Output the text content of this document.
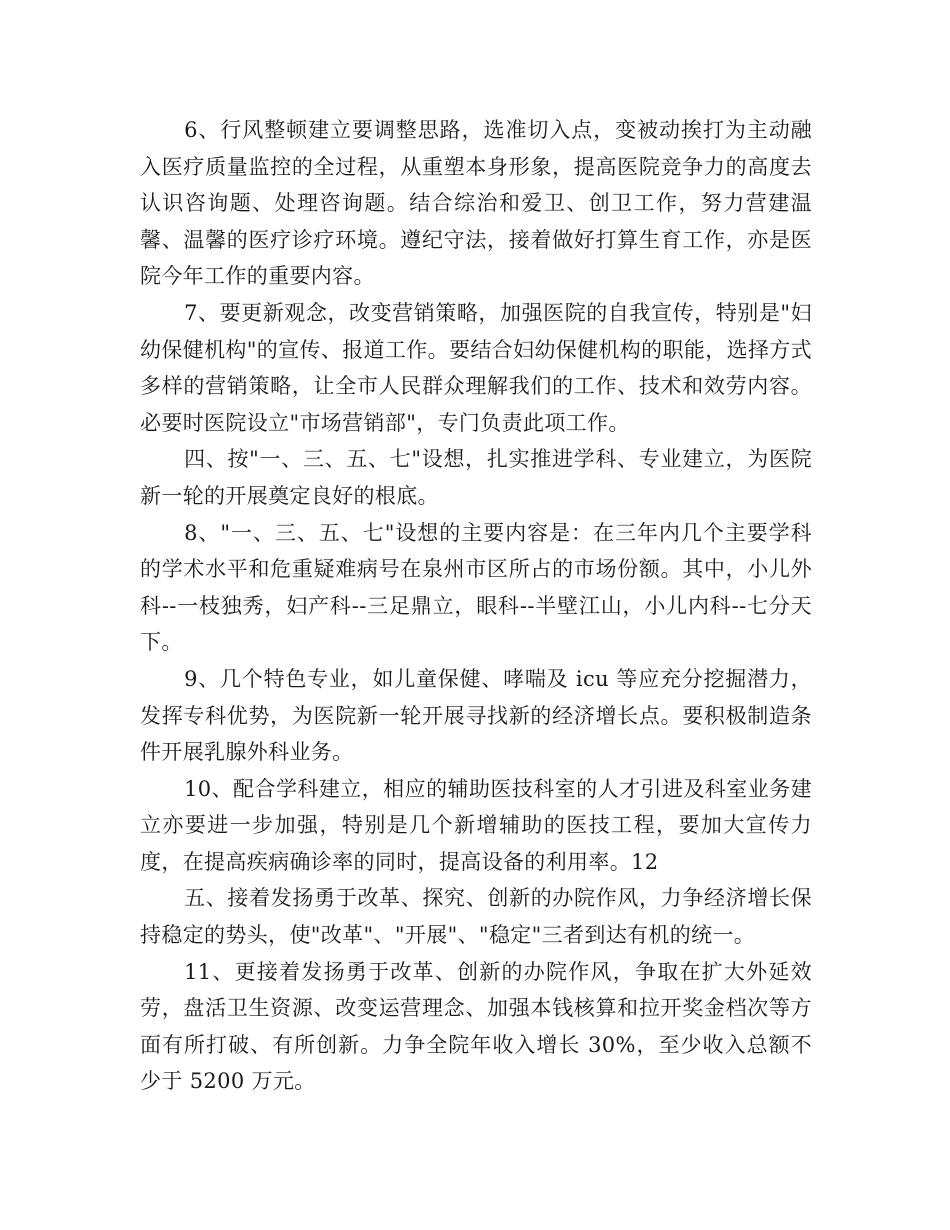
6、行风整顿建立要调整思路，选准切入点，变被动挨打为主动融入医疗质量监控的全过程，从重塑本身形象，提高医院竞争力的高度去认识咨询题、处理咨询题。结合综治和爱卫、创卫工作，努力营建温馨、温馨的医疗诊疗环境。遵纪守法，接着做好打算生育工作，亦是医院今年工作的重要内容。

7、要更新观念，改变营销策略，加强医院的自我宣传，特别是"妇幼保健机构"的宣传、报道工作。要结合妇幼保健机构的职能，选择方式多样的营销策略，让全市人民群众理解我们的工作、技术和效劳内容。必要时医院设立"市场营销部"，专门负责此项工作。

四、按"一、三、五、七"设想，扎实推进学科、专业建立，为医院新一轮的开展奠定良好的根底。

8、"一、三、五、七"设想的主要内容是：在三年内几个主要学科的学术水平和危重疑难病号在泉州市区所占的市场份额。其中，小儿外科--一枝独秀，妇产科--三足鼎立，眼科--半壁江山，小儿内科--七分天下。

9、几个特色专业，如儿童保健、哮喘及 icu 等应充分挖掘潜力，发挥专科优势，为医院新一轮开展寻找新的经济增长点。要积极制造条件开展乳腺外科业务。

10、配合学科建立，相应的辅助医技科室的人才引进及科室业务建立亦要进一步加强，特别是几个新增辅助的医技工程，要加大宣传力度，在提高疾病确诊率的同时，提高设备的利用率。12

五、接着发扬勇于改革、探究、创新的办院作风，力争经济增长保持稳定的势头，使"改革"、"开展"、"稳定"三者到达有机的统一。

11、更接着发扬勇于改革、创新的办院作风，争取在扩大外延效劳，盘活卫生资源、改变运营理念、加强本钱核算和拉开奖金档次等方面有所打破、有所创新。力争全院年收入增长 30%，至少收入总额不少于 5200 万元。
